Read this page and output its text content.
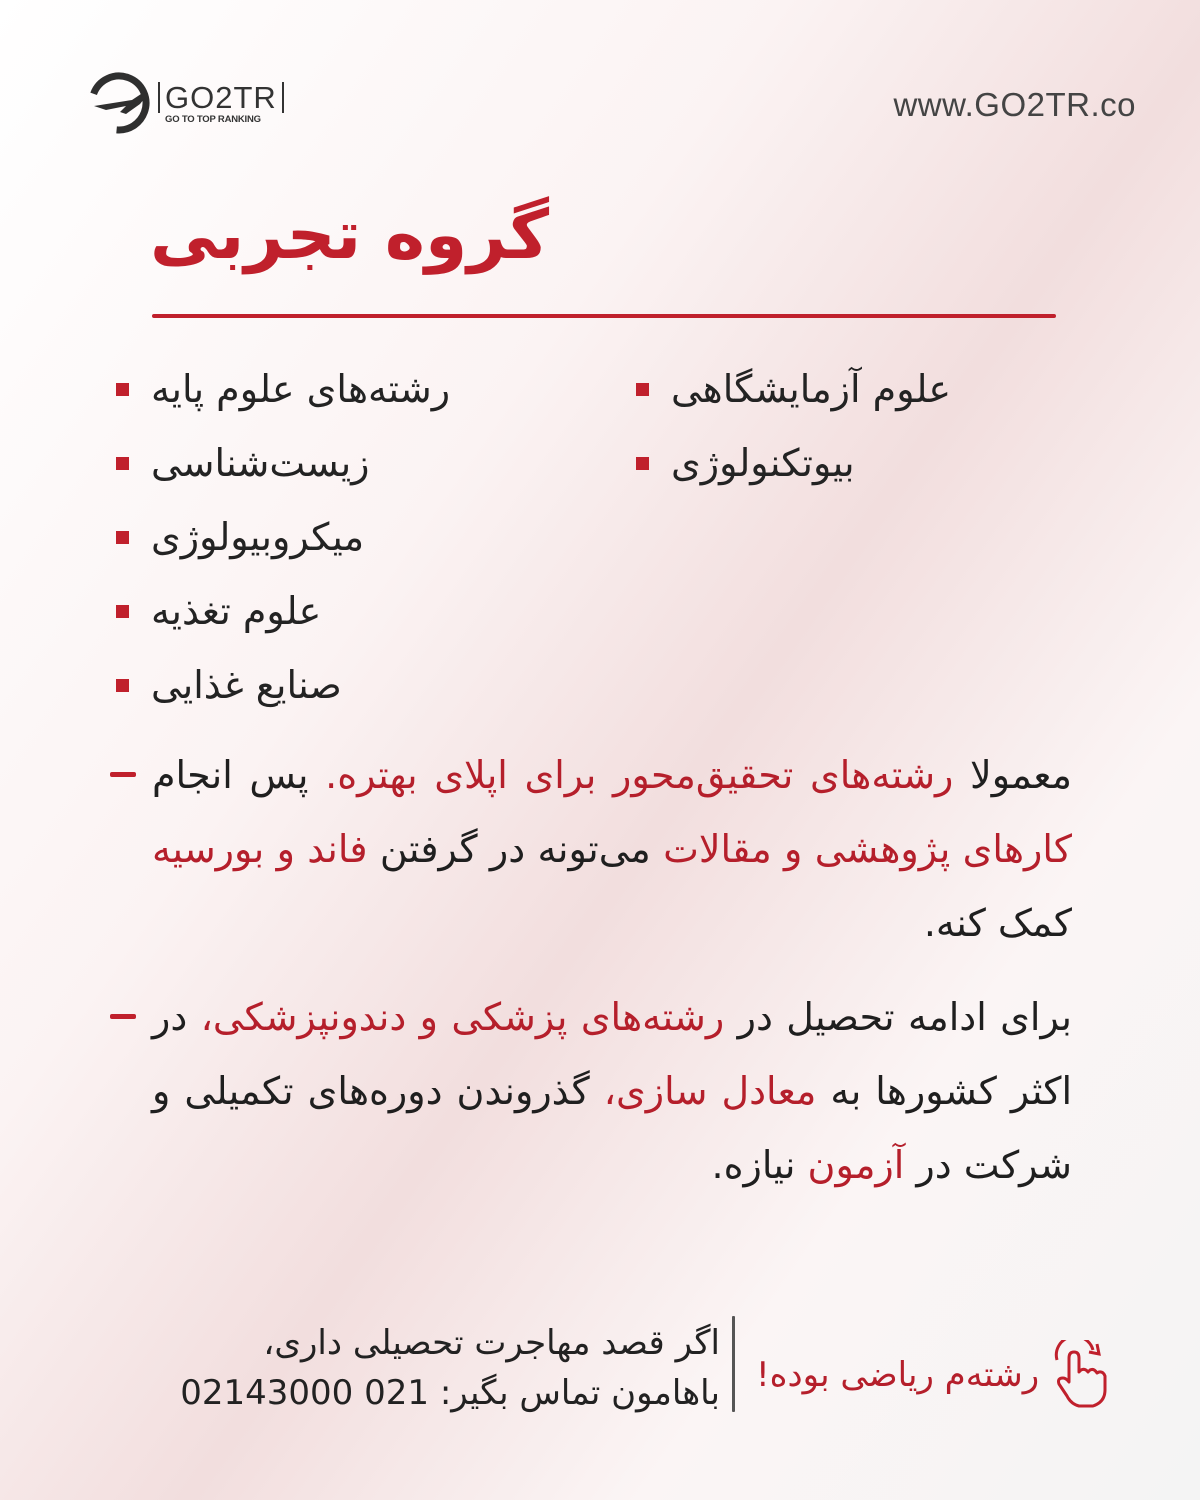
GO2TR
GO TO TOP RANKING	www.GO2TR.co
گروه تجربی
رشته‌های علوم پایه
زیست‌شناسی
میکروبیولوژی
علوم تغذیه
صنایع غذایی
علوم آزمایشگاهی
بیوتکنولوژی
معمولا رشته‌های تحقیق‌محور برای اپلای بهتره. پس انجام کارهای پژوهشی و مقالات می‌تونه در گرفتن فاند و بورسیه کمک کنه.
برای ادامه تحصیل در رشته‌های پزشکی و دندونپزشکی، در اکثر کشورها به معادل سازی، گذروندن دوره‌های تکمیلی و شرکت در آزمون نیازه.
اگر قصد مهاجرت تحصیلی داری،
باهامون تماس بگیر: 021 02143000 رشته‌م ریاضی بوده!
